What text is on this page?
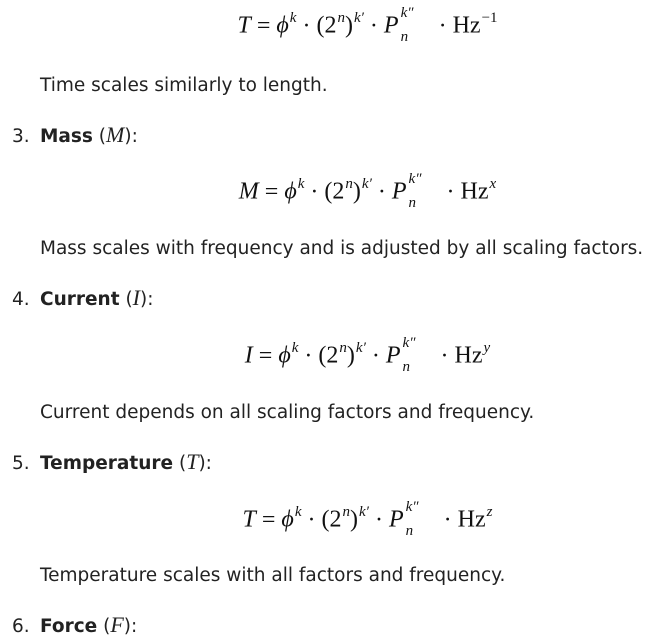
$T = \phi^k \cdot (2^n)^{k'} \cdot P$ k″
$n \cdot Hz^{-1}$
Time scales similarly to length.
3. Mass (M):
$M = \phi^k \cdot (2^n)^{k'} \cdot P$ k″
$n \cdot Hz^x$
Mass scales with frequency and is adjusted by all scaling factors.
4. Current (I):
$I = \phi^k \cdot (2^n)^{k'} \cdot P$ k″
$n \cdot Hz^y$
Current depends on all scaling factors and frequency.
5. Temperature (T):
$T = \phi^k \cdot (2^n)^{k'} \cdot P$ k″
$n \cdot Hz^z$
Temperature scales with all factors and frequency.
6. Force (F):
